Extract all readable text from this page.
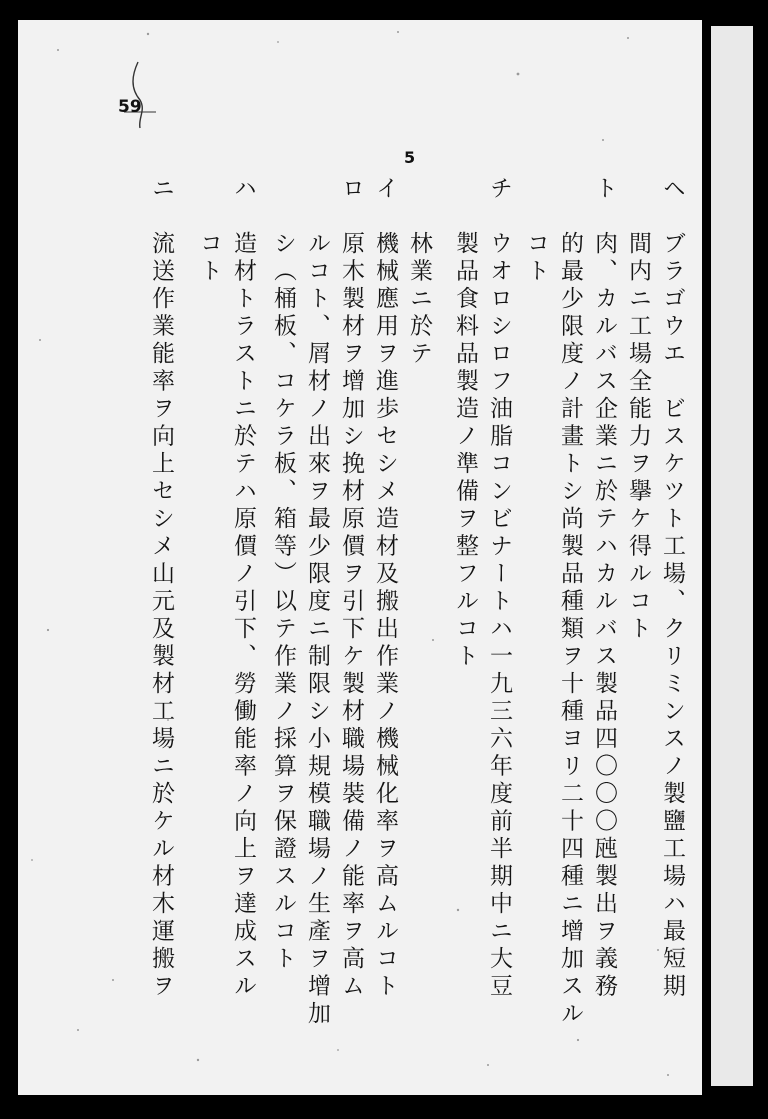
59
5
ヘ　ブラゴウエ　ビスケツト工場、クリミンスノ製鹽工場ハ最短期
　　間内ニ工場全能力ヲ擧ケ得ルコト
ト　肉、カルバス企業ニ於テハカルバス製品四〇〇〇瓲製出ヲ義務
　　的最少限度ノ計畫トシ尚製品種類ヲ十種ヨリ二十四種ニ增加スル
　　コト
チ　ウオロシロフ油脂コンビナートハ一九三六年度前半期中ニ大豆
　　製品食料品製造ノ準備ヲ整フルコト
　　林業ニ於テ
イ　機械應用ヲ進歩セシメ造材及搬出作業ノ機械化率ヲ高ムルコト
ロ　原木製材ヲ增加シ挽材原價ヲ引下ケ製材職場裝備ノ能率ヲ高ム
　　ルコト、屑材ノ出來ヲ最少限度ニ制限シ小規模職場ノ生產ヲ增加
　　シ（桶板、コケラ板、箱等）以テ作業ノ採算ヲ保證スルコト
ハ　造材トラストニ於テハ原價ノ引下、勞働能率ノ向上ヲ達成スル
　　コト
ニ　流送作業能率ヲ向上セシメ山元及製材工場ニ於ケル材木運搬ヲ
